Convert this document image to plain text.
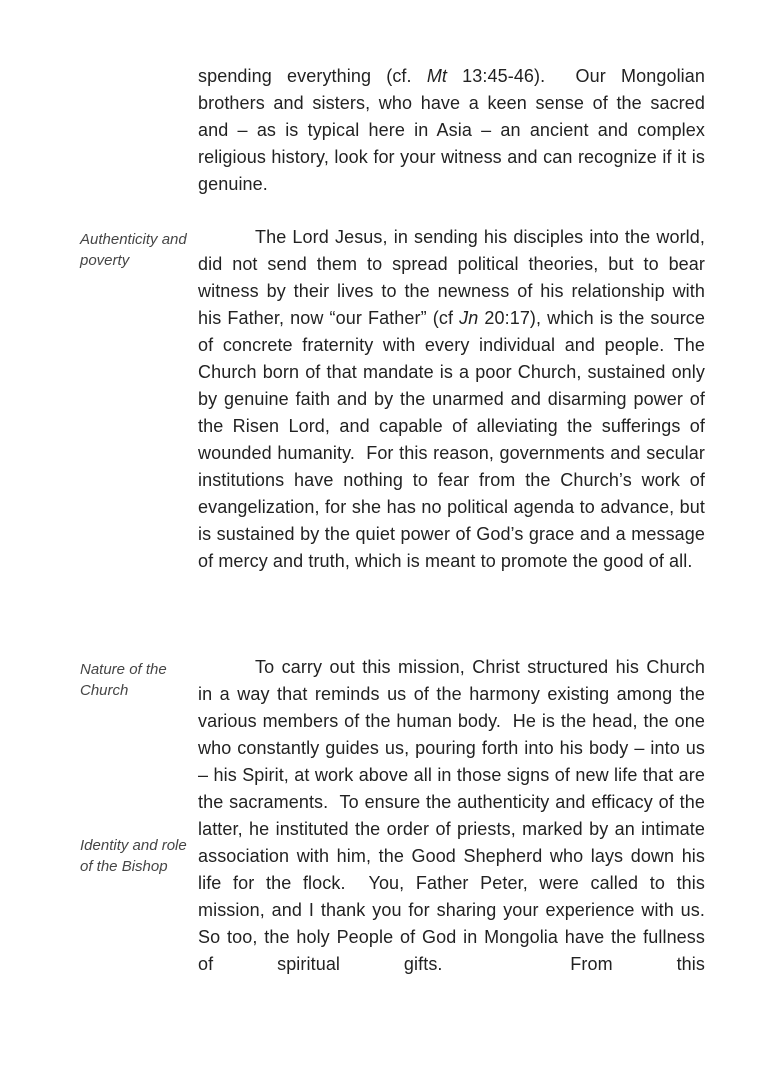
Authenticity and poverty

Nature of the Church

Identity and role of the Bishop

spending everything (cf. Mt 13:45-46).  Our Mongolian brothers and sisters, who have a keen sense of the sacred and – as is typical here in Asia – an ancient and complex religious history, look for your witness and can recognize if it is genuine.

The Lord Jesus, in sending his disciples into the world, did not send them to spread political theories, but to bear witness by their lives to the newness of his relationship with his Father, now “our Father” (cf Jn 20:17), which is the source of concrete fraternity with every individual and people. The Church born of that mandate is a poor Church, sustained only by genuine faith and by the unarmed and disarming power of the Risen Lord, and capable of alleviating the sufferings of wounded humanity.  For this reason, governments and secular institutions have nothing to fear from the Church’s work of evangelization, for she has no political agenda to advance, but is sustained by the quiet power of God’s grace and a message of mercy and truth, which is meant to promote the good of all.

To carry out this mission, Christ structured his Church in a way that reminds us of the harmony existing among the various members of the human body.  He is the head, the one who constantly guides us, pouring forth into his body – into us – his Spirit, at work above all in those signs of new life that are the sacraments.  To ensure the authenticity and efficacy of the latter, he instituted the order of priests, marked by an intimate association with him, the Good Shepherd who lays down his life for the flock.  You, Father Peter, were called to this mission, and I thank you for sharing your experience with us.  So too, the holy People of God in Mongolia have the fullness of spiritual gifts.  From this
